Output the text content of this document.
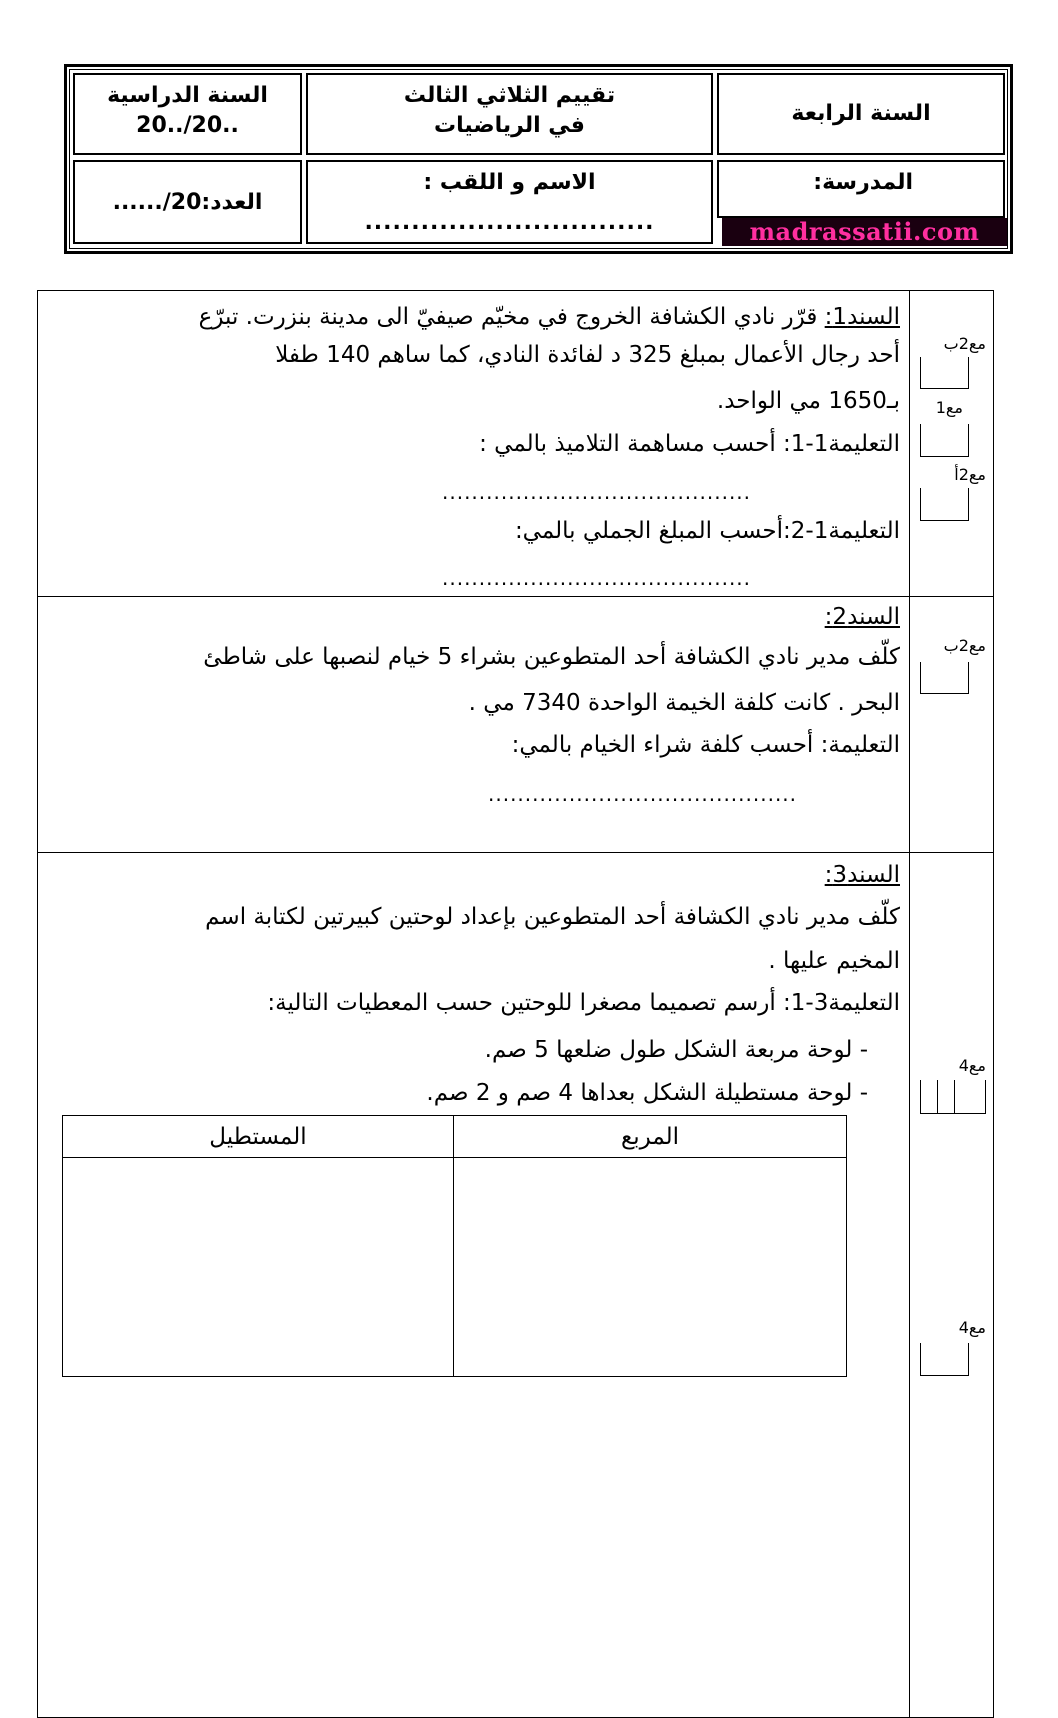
السنة الدراسية
20../20..
تقييم الثلاثي الثالث
في الرياضيات	السنة الرابعة
العدد:....../20
الاسم و اللقب :
...............................
المدرسة:
madrassatii.com
السند1: قرّر نادي الكشافة الخروج في مخيّم صيفيّ الى مدينة بنزرت. تبرّع
أحد رجال الأعمال بمبلغ 325 د لفائدة النادي، كما ساهم 140 طفلا
بـ1650 مي الواحد.
التعليمة1-1: أحسب مساهمة التلاميذ بالمي :
..........................................
التعليمة1-2:أحسب المبلغ الجملي بالمي:
..........................................
مع2ب
مع1
مع2أ
السند2:
كلّف مدير نادي الكشافة أحد المتطوعين بشراء 5 خيام لنصبها على شاطئ
البحر . كانت كلفة الخيمة الواحدة 7340 مي .
التعليمة: أحسب كلفة شراء الخيام بالمي:
..........................................
مع2ب
السند3:
كلّف مدير نادي الكشافة أحد المتطوعين بإعداد لوحتين كبيرتين لكتابة اسم
المخيم عليها .
التعليمة3-1: أرسم تصميما مصغرا للوحتين حسب المعطيات التالية:
- لوحة مربعة الشكل طول ضلعها 5 صم.
- لوحة مستطيلة الشكل بعداها 4 صم و 2 صم.
المربع
المستطيل
مع4
مع4
